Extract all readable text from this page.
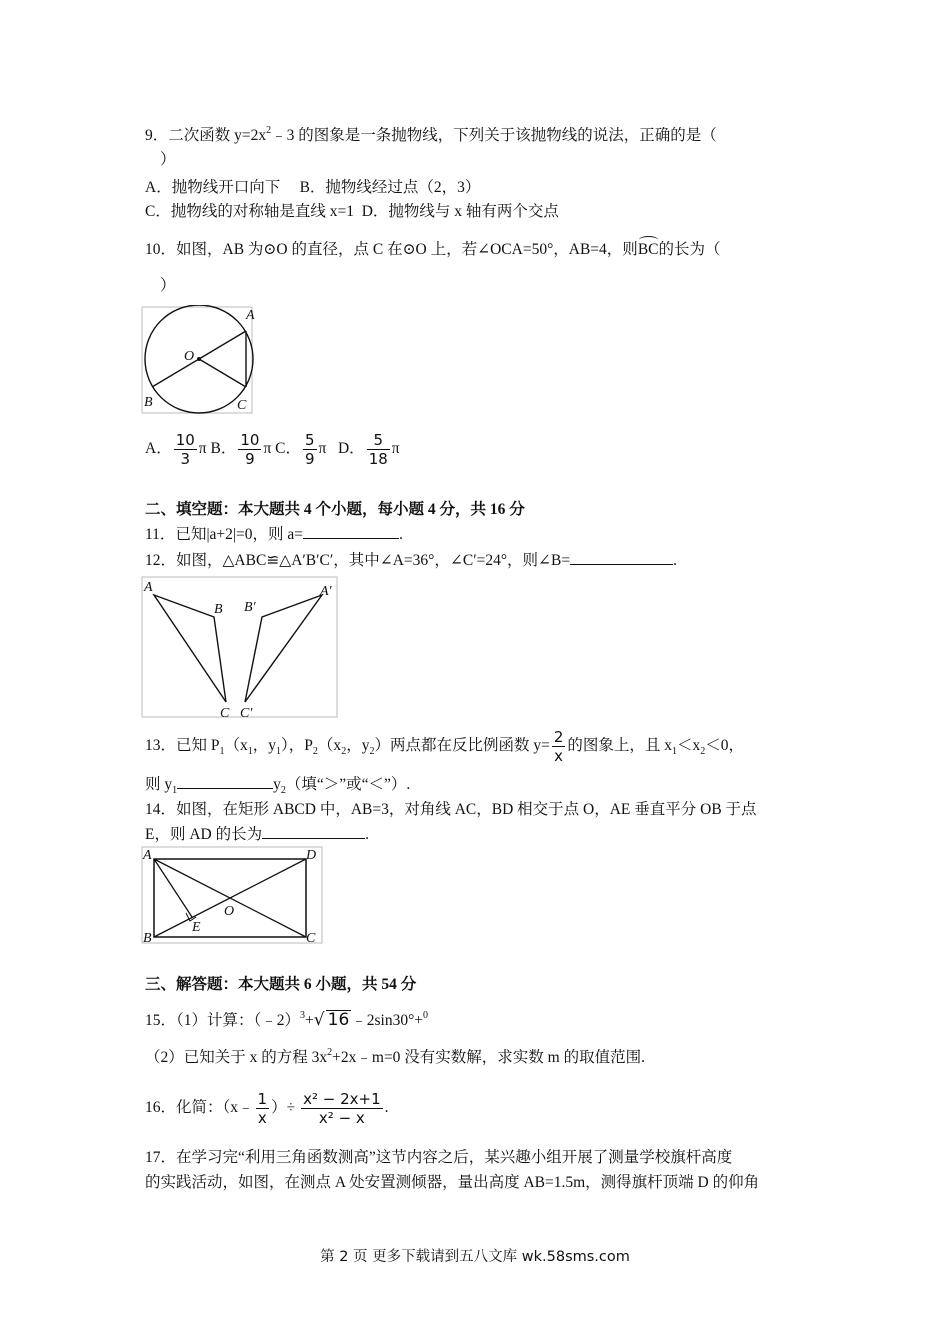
9．二次函数 $y=2x^2﹣3$ 的图象是一条抛物线，下列关于该抛物线的说法，正确的是（
）
A．抛物线开口向下     B．抛物线经过点（2，3）
C．抛物线的对称轴是直线 x=1  D．抛物线与 x 轴有两个交点
10．如图，AB 为⊙O 的直径，点 C 在⊙O 上，若∠OCA=50°，AB=4，则BC的长为（
）
A
B	C
O
A． $\frac{10}{3}$ π B． $\frac{10}{9}$ π C． $\frac{5}{9}$ π D． $\frac{5}{18}$ π
二、填空题：本大题共 4 个小题，每小题 4 分，共 16 分
11．已知|a+2|=0，则 a=	.
12．如图，△ABC≌△A′B′C′，其中∠A=36°，∠C′=24°，则∠B=	.
A
B
C
A′
B′
C′
13．已知 $P_1(x_1$，$y_1$），$P_2(x_2$，$y_2$）两点都在反比例函数 $y= \frac{2}{x}$ 的图象上，且 $x_1<x_2<0$，
则 $y_1$	$y_2$（填“＞”或“＜”）.
14．如图，在矩形 ABCD 中，AB=3，对角线 AC，BD 相交于点 O，AE 垂直平分 OB 于点
E，则 AD 的长为	.
A	D
B	C
E
O
三、解答题：本大题共 6 小题，共 54 分
15．（1）计算：（﹣2）$^3$+√ 16 ﹣2sin30°+$^0$
（2）已知关于 x 的方程 $3x^2+2x﹣m=0$ 没有实数解，求实数 m 的取值范围.
16．化简：（x﹣ $\frac{1}{x}$ ）÷ $\frac{\text{x² − 2x+1}}{\text{x² − x}}$ .
17．在学习完“利用三角函数测高”这节内容之后，某兴趣小组开展了测量学校旗杆高度
的实践活动，如图，在测点 A 处安置测倾器，量出高度 AB=1.5m，测得旗杆顶端 D 的仰角
第 2 页 更多下载请到五八文库 wk.58sms.com
